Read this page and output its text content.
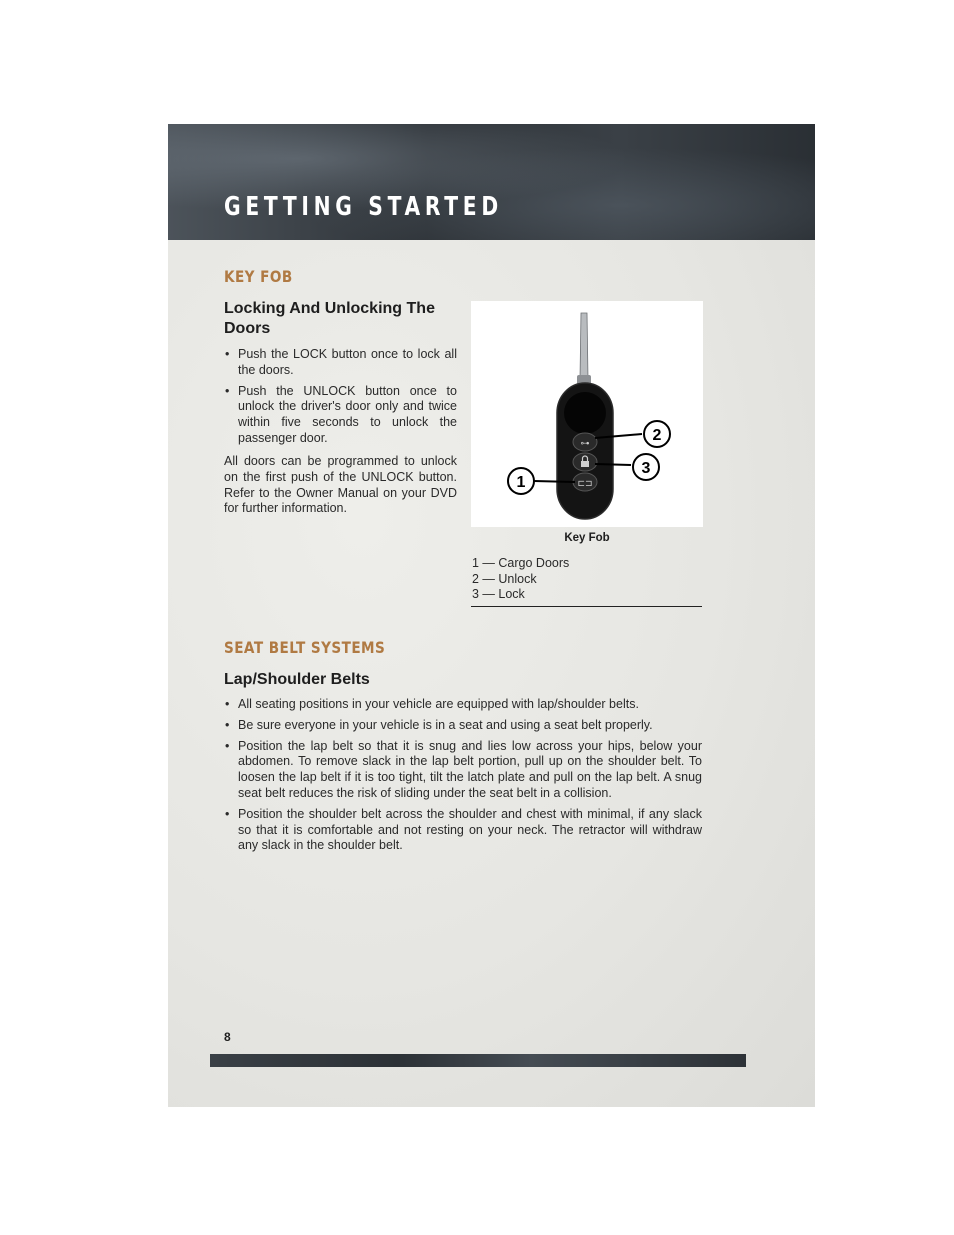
GETTING STARTED
KEY FOB
Locking And Unlocking The Doors
• Push the LOCK button once to lock all the doors.
• Push the UNLOCK button once to unlock the driver's door only and twice within five seconds to unlock the passenger door.

All doors can be programmed to unlock on the first push of the UNLOCK button. Refer to the Owner Manual on your DVD for further information.

⊶
⊏⊐
2
3
1
Key Fob
1 — Cargo Doors
2 — Unlock
3 — Lock
SEAT BELT SYSTEMS
Lap/Shoulder Belts
• All seating positions in your vehicle are equipped with lap/shoulder belts.
• Be sure everyone in your vehicle is in a seat and using a seat belt properly.
• Position the lap belt so that it is snug and lies low across your hips, below your abdomen. To remove slack in the lap belt portion, pull up on the shoulder belt. To loosen the lap belt if it is too tight, tilt the latch plate and pull on the lap belt. A snug seat belt reduces the risk of sliding under the seat belt in a collision.
• Position the shoulder belt across the shoulder and chest with minimal, if any slack so that it is comfortable and not resting on your neck. The retractor will withdraw any slack in the shoulder belt.
8
